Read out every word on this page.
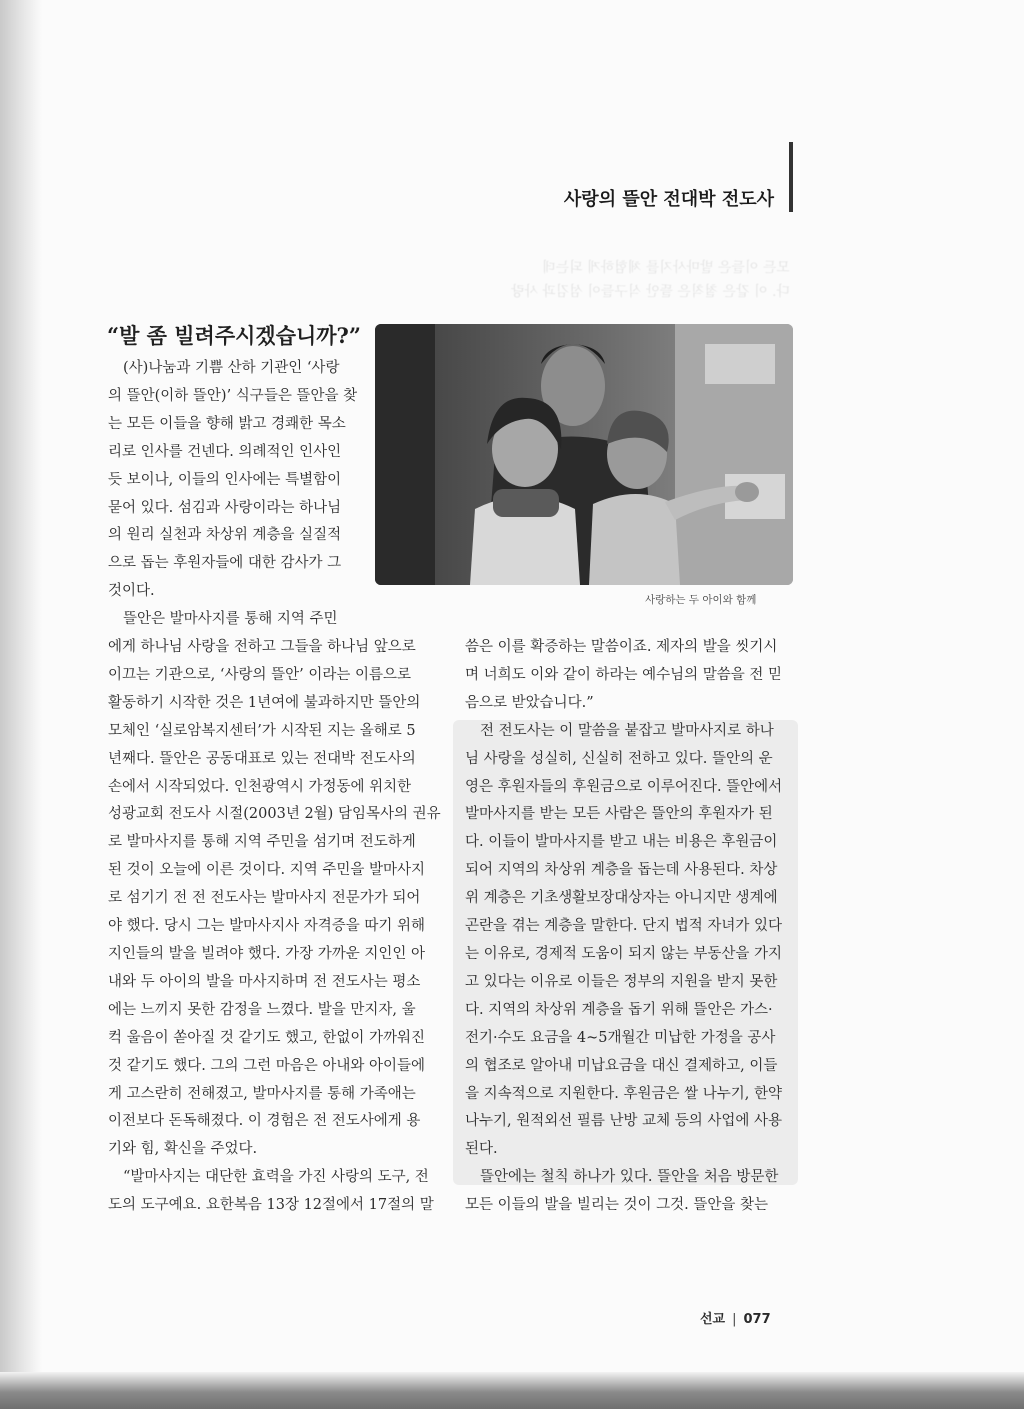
모든 이들은 발마사지를 체험하게 되는데
다. 이 같은 철칙은 뜰안 식구들이 섬김과 사랑
사랑의 뜰안 전대박 전도사
“발 좀 빌려주시겠습니까?”

(사)나눔과 기쁨 산하 기관인 ‘사랑

의 뜰안(이하 뜰안)’ 식구들은 뜰안을 찾

는 모든 이들을 향해 밝고 경쾌한 목소

리로 인사를 건넨다. 의례적인 인사인

듯 보이나, 이들의 인사에는 특별함이

묻어 있다. 섬김과 사랑이라는 하나님

의 원리 실천과 차상위 계층을 실질적

으로 돕는 후원자들에 대한 감사가 그

것이다.

뜰안은 발마사지를 통해 지역 주민

에게 하나님 사랑을 전하고 그들을 하나님 앞으로

이끄는 기관으로, ‘사랑의 뜰안’ 이라는 이름으로

활동하기 시작한 것은 1년여에 불과하지만 뜰안의

모체인 ‘실로암복지센터’가 시작된 지는 올해로 5

년째다. 뜰안은 공동대표로 있는 전대박 전도사의

손에서 시작되었다. 인천광역시 가정동에 위치한

성광교회 전도사 시절(2003년 2월) 담임목사의 권유

로 발마사지를 통해 지역 주민을 섬기며 전도하게

된 것이 오늘에 이른 것이다. 지역 주민을 발마사지

로 섬기기 전 전 전도사는 발마사지 전문가가 되어

야 했다. 당시 그는 발마사지사 자격증을 따기 위해

지인들의 발을 빌려야 했다. 가장 가까운 지인인 아

내와 두 아이의 발을 마사지하며 전 전도사는 평소

에는 느끼지 못한 감정을 느꼈다. 발을 만지자, 울

컥 울음이 쏟아질 것 같기도 했고, 한없이 가까워진

것 같기도 했다. 그의 그런 마음은 아내와 아이들에

게 고스란히 전해졌고, 발마사지를 통해 가족애는

이전보다 돈독해졌다. 이 경험은 전 전도사에게 용

기와 힘, 확신을 주었다.

“발마사지는 대단한 효력을 가진 사랑의 도구, 전

도의 도구예요. 요한복음 13장 12절에서 17절의 말

씀은 이를 확증하는 말씀이죠. 제자의 발을 씻기시

며 너희도 이와 같이 하라는 예수님의 말씀을 전 믿

음으로 받았습니다.”

전 전도사는 이 말씀을 붙잡고 발마사지로 하나

님 사랑을 성실히, 신실히 전하고 있다. 뜰안의 운

영은 후원자들의 후원금으로 이루어진다. 뜰안에서

발마사지를 받는 모든 사람은 뜰안의 후원자가 된

다. 이들이 발마사지를 받고 내는 비용은 후원금이

되어 지역의 차상위 계층을 돕는데 사용된다. 차상

위 계층은 기초생활보장대상자는 아니지만 생계에

곤란을 겪는 계층을 말한다. 단지 법적 자녀가 있다

는 이유로, 경제적 도움이 되지 않는 부동산을 가지

고 있다는 이유로 이들은 정부의 지원을 받지 못한

다. 지역의 차상위 계층을 돕기 위해 뜰안은 가스·

전기·수도 요금을 4~5개월간 미납한 가정을 공사

의 협조로 알아내 미납요금을 대신 결제하고, 이들

을 지속적으로 지원한다. 후원금은 쌀 나누기, 한약

나누기, 원적외선 필름 난방 교체 등의 사업에 사용

된다.

뜰안에는 철칙 하나가 있다. 뜰안을 처음 방문한

모든 이들의 발을 빌리는 것이 그것. 뜰안을 찾는

사랑하는 두 아이와 함께
선교 | 077
